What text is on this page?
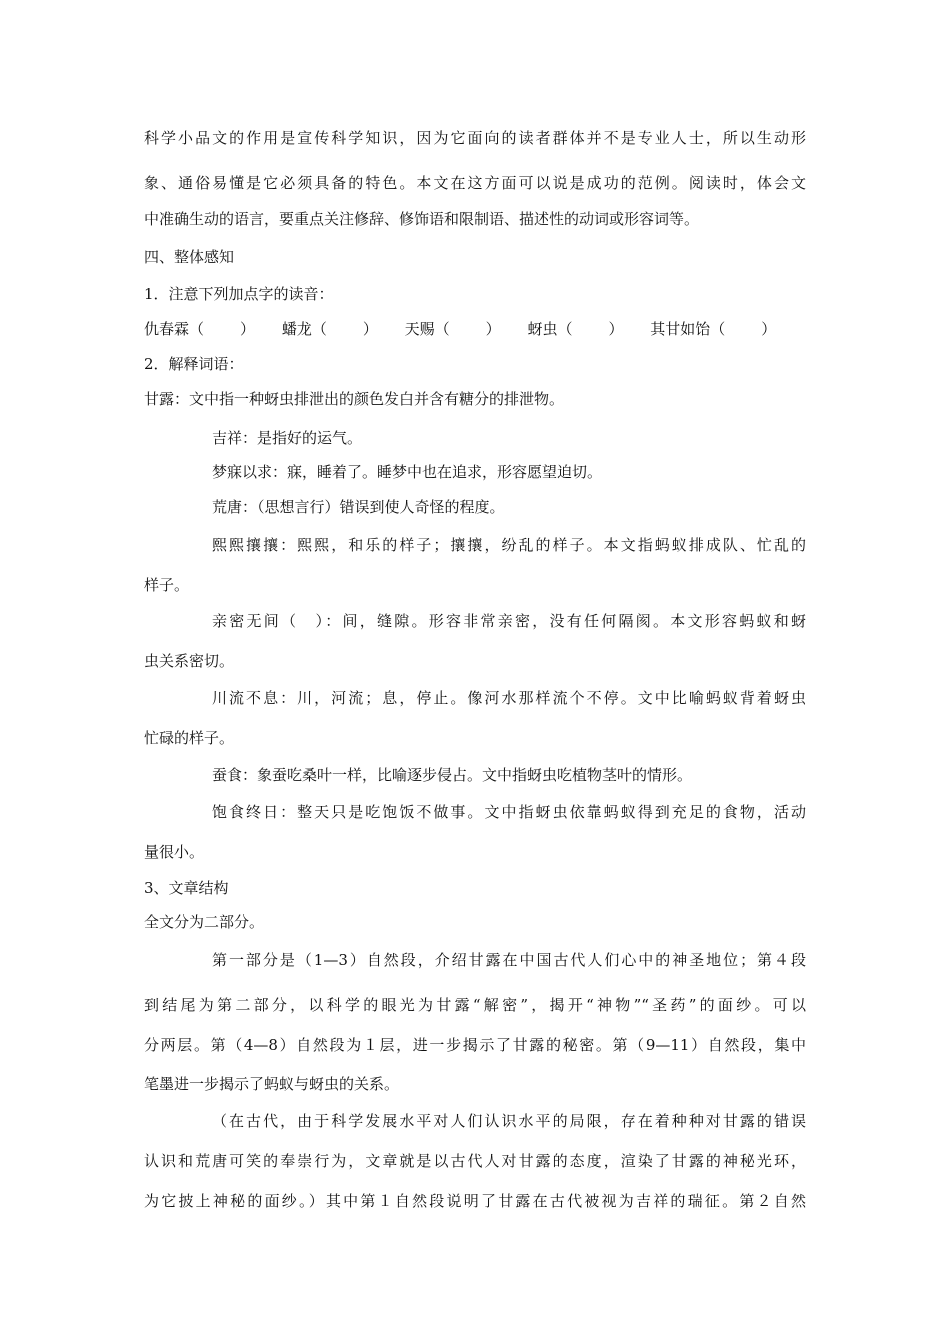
科学小品文的作用是宣传科学知识，因为它面向的读者群体并不是专业人士，所以生动形
象、通俗易懂是它必须具备的特色。本文在这方面可以说是成功的范例。阅读时，体会文
中准确生动的语言，要重点关注修辞、修饰语和限制语、描述性的动词或形容词等。
四、整体感知
1．注意下列加点字的读音：
仇春霖（ ） 蟠龙（ ） 天赐（ ） 蚜虫（ ） 其甘如饴（ ）
2．解释词语：
甘露：文中指一种蚜虫排泄出的颜色发白并含有糖分的排泄物。
吉祥：是指好的运气。
梦寐以求：寐，睡着了。睡梦中也在追求，形容愿望迫切。
荒唐：（思想言行）错误到使人奇怪的程度。
熙熙攘攘：熙熙，和乐的样子；攘攘，纷乱的样子。本文指蚂蚁排成队、忙乱的
样子。
亲密无间（　）：间，缝隙。形容非常亲密，没有任何隔阂。本文形容蚂蚁和蚜
虫关系密切。
川流不息：川，河流；息，停止。像河水那样流个不停。文中比喻蚂蚁背着蚜虫
忙碌的样子。
蚕食：象蚕吃桑叶一样，比喻逐步侵占。文中指蚜虫吃植物茎叶的情形。
饱食终日：整天只是吃饱饭不做事。文中指蚜虫依靠蚂蚁得到充足的食物，活动
量很小。
3、文章结构
全文分为二部分。
第一部分是（1—3）自然段，介绍甘露在中国古代人们心中的神圣地位；第４段
到结尾为第二部分，以科学的眼光为甘露“解密”，揭开“神物”“圣药”的面纱。可以
分两层。第（4—8）自然段为１层，进一步揭示了甘露的秘密。第（9—11）自然段，集中
笔墨进一步揭示了蚂蚁与蚜虫的关系。
（在古代，由于科学发展水平对人们认识水平的局限，存在着种种对甘露的错误
认识和荒唐可笑的奉崇行为，文章就是以古代人对甘露的态度，渲染了甘露的神秘光环，
为它披上神秘的面纱。）其中第１自然段说明了甘露在古代被视为吉祥的瑞征。第２自然
